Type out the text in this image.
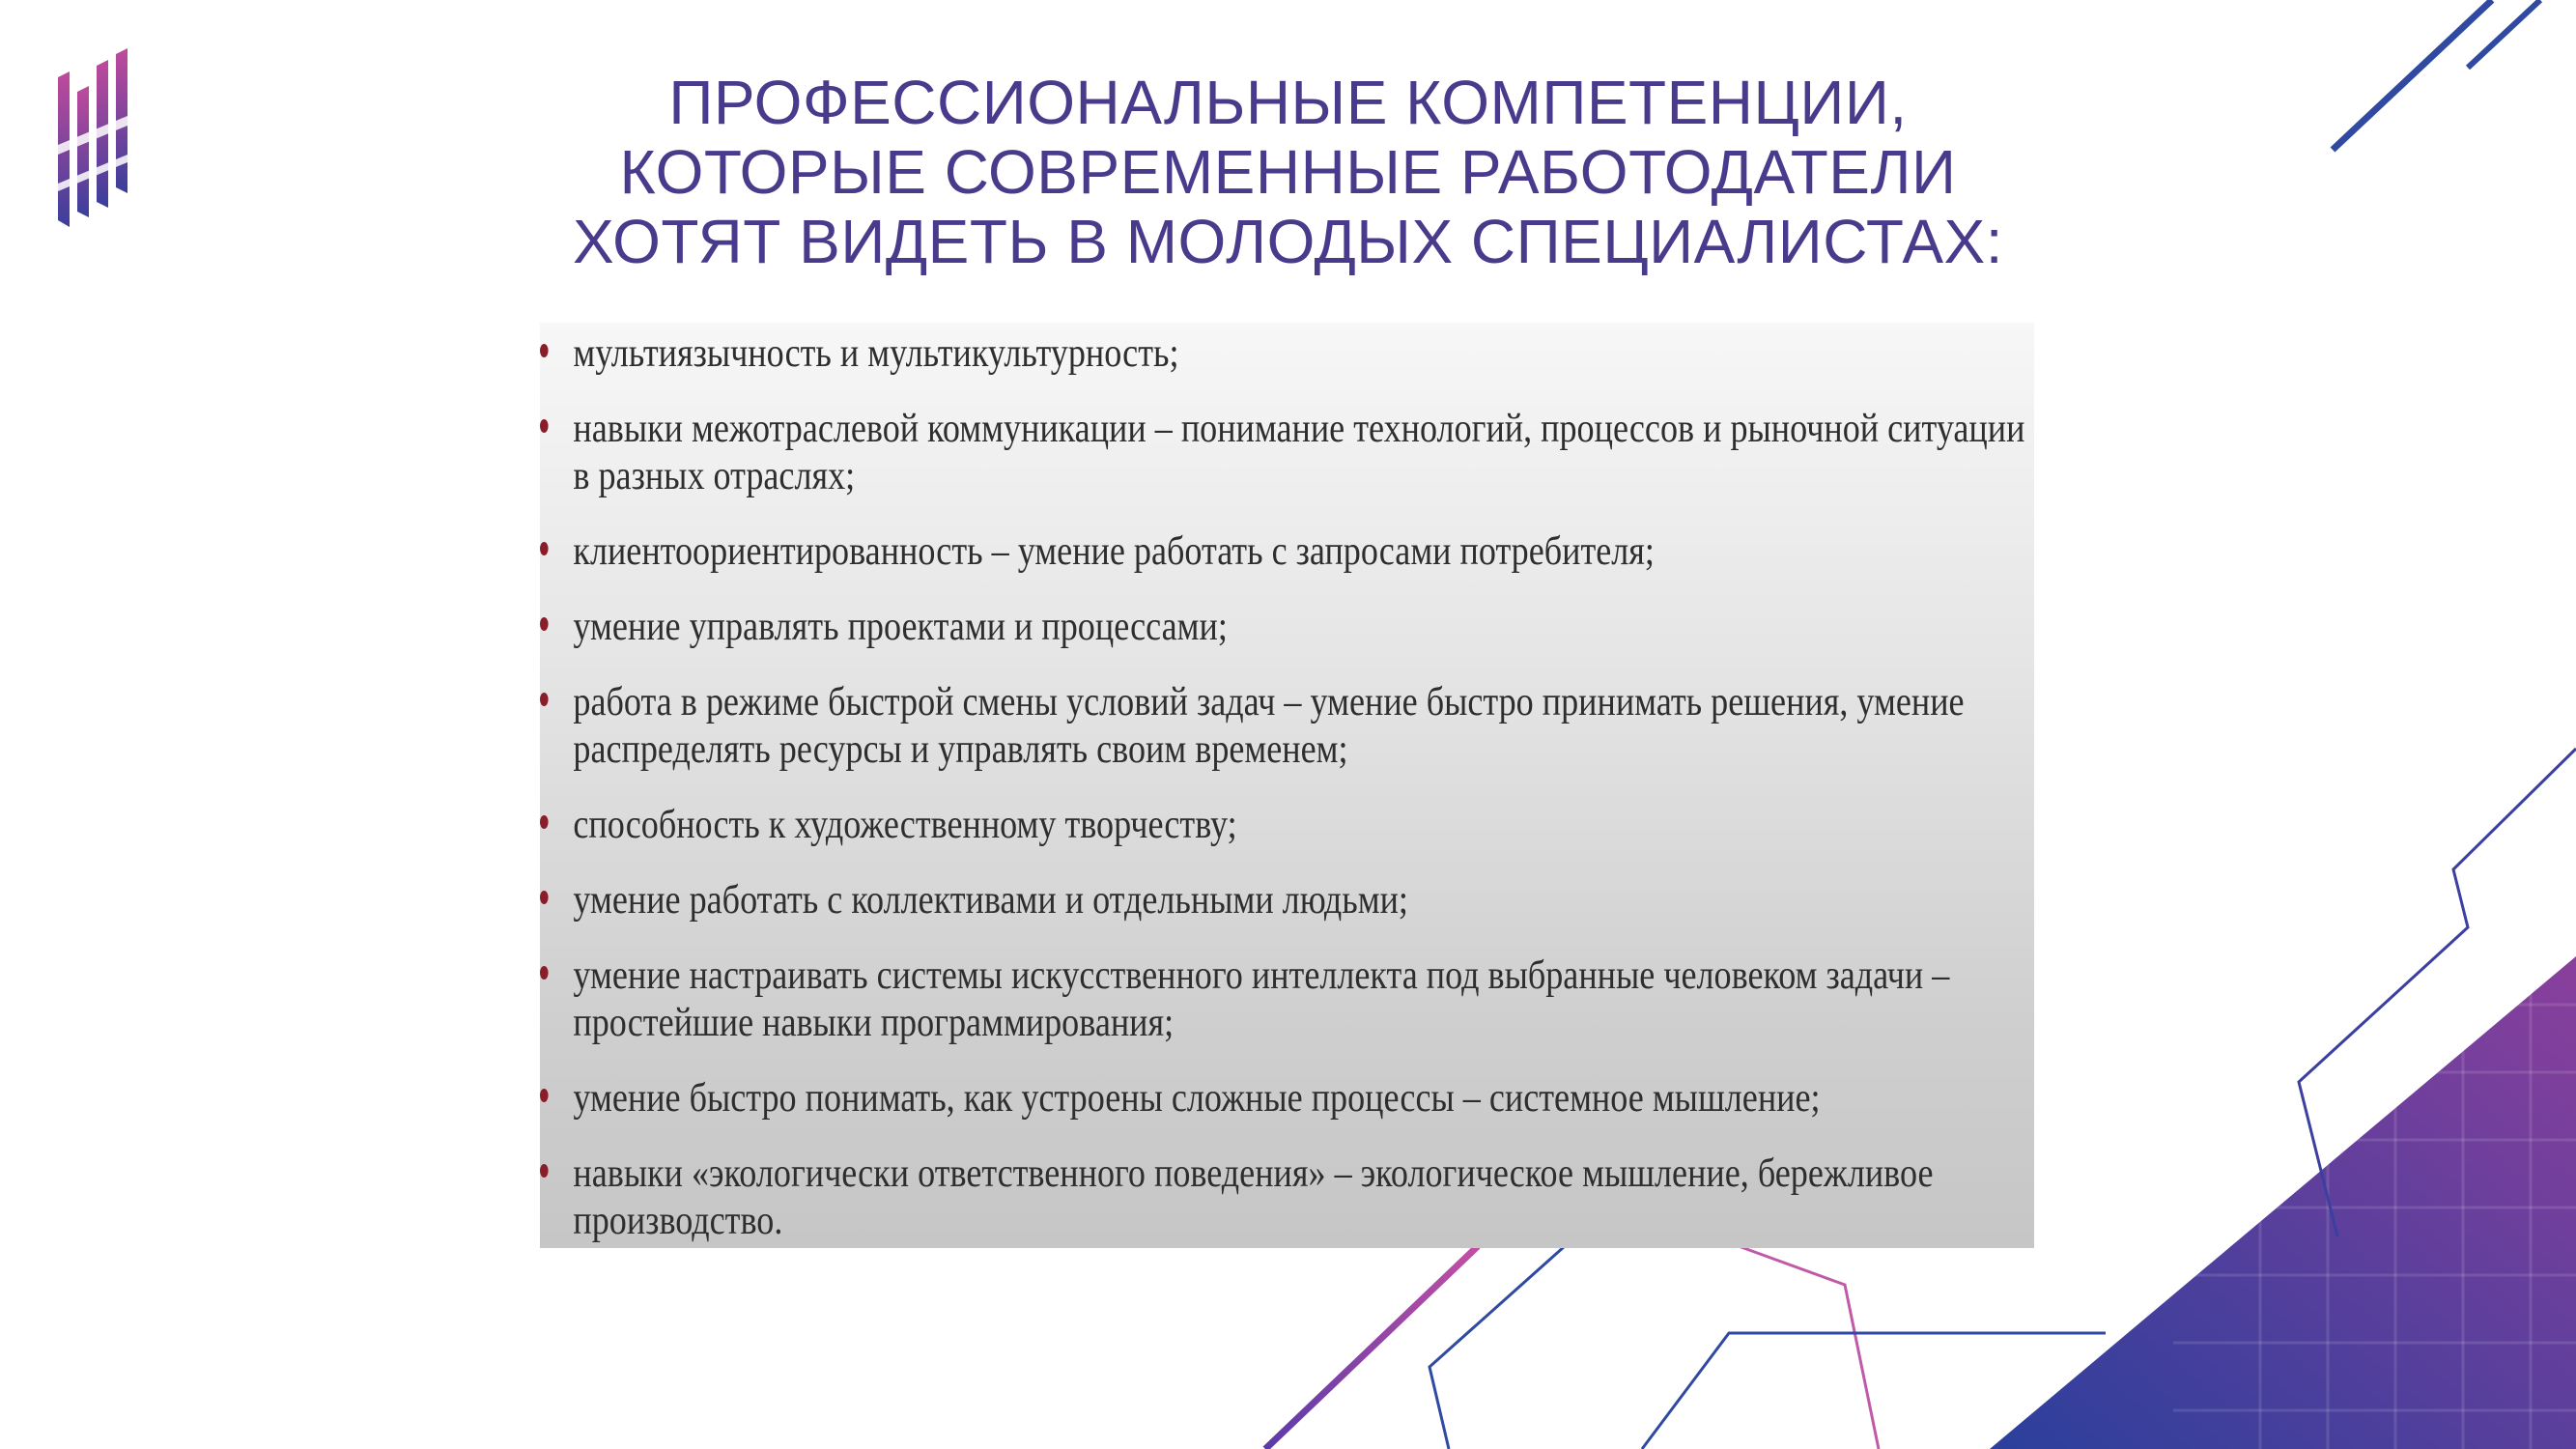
ПРОФЕССИОНАЛЬНЫЕ КОМПЕТЕНЦИИ,
КОТОРЫЕ СОВРЕМЕННЫЕ РАБОТОДАТЕЛИ
ХОТЯТ ВИДЕТЬ В МОЛОДЫХ СПЕЦИАЛИСТАХ:
мультиязычность и мультикультурность;
навыки межотраслевой коммуникации – понимание технологий, процессов и рыночной ситуации в разных отраслях;
клиентоориентированность – умение работать с запросами потребителя;
умение управлять проектами и процессами;
работа в режиме быстрой смены условий задач – умение быстро принимать решения, умение распределять ресурсы и управлять своим временем;
способность к художественному творчеству;
умение работать с коллективами и отдельными людьми;
умение настраивать системы искусственного интеллекта под выбранные человеком задачи – простейшие навыки программирования;
умение быстро понимать, как устроены сложные процессы – системное мышление;
навыки «экологически ответственного поведения» – экологическое мышление, бережливое производство.
